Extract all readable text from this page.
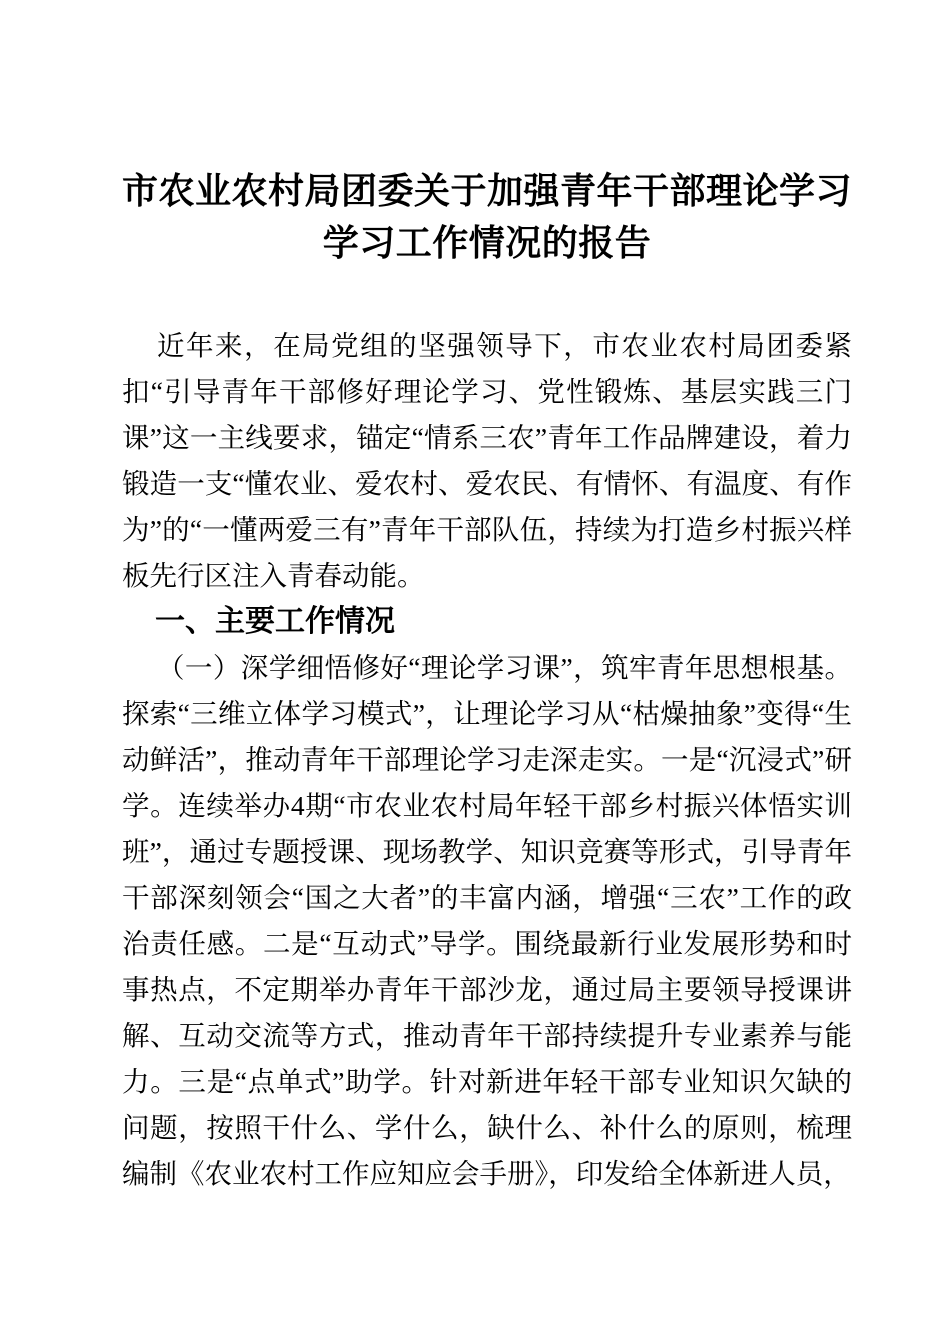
市农业农村局团委关于加强青年干部理论学习
学习工作情况的报告

近年来，在局党组的坚强领导下，市农业农村局团委紧扣“引导青年干部修好理论学习、党性锻炼、基层实践三门课”这一主线要求，锚定“情系三农”青年工作品牌建设，着力锻造一支“懂农业、爱农村、爱农民、有情怀、有温度、有作为”的“一懂两爱三有”青年干部队伍，持续为打造乡村振兴样板先行区注入青春动能。

一、主要工作情况

（一）深学细悟修好“理论学习课”，筑牢青年思想根基。探索“三维立体学习模式”，让理论学习从“枯燥抽象”变得“生动鲜活”，推动青年干部理论学习走深走实。一是“沉浸式”研学。连续举办4期“市农业农村局年轻干部乡村振兴体悟实训班”，通过专题授课、现场教学、知识竞赛等形式，引导青年干部深刻领会“国之大者”的丰富内涵，增强“三农”工作的政治责任感。二是“互动式”导学。围绕最新行业发展形势和时事热点，不定期举办青年干部沙龙，通过局主要领导授课讲解、互动交流等方式，推动青年干部持续提升专业素养与能力。三是“点单式”助学。针对新进年轻干部专业知识欠缺的问题，按照干什么、学什么，缺什么、补什么的原则，梳理编制《农业农村工作应知应会手册》，印发给全体新进人员，
